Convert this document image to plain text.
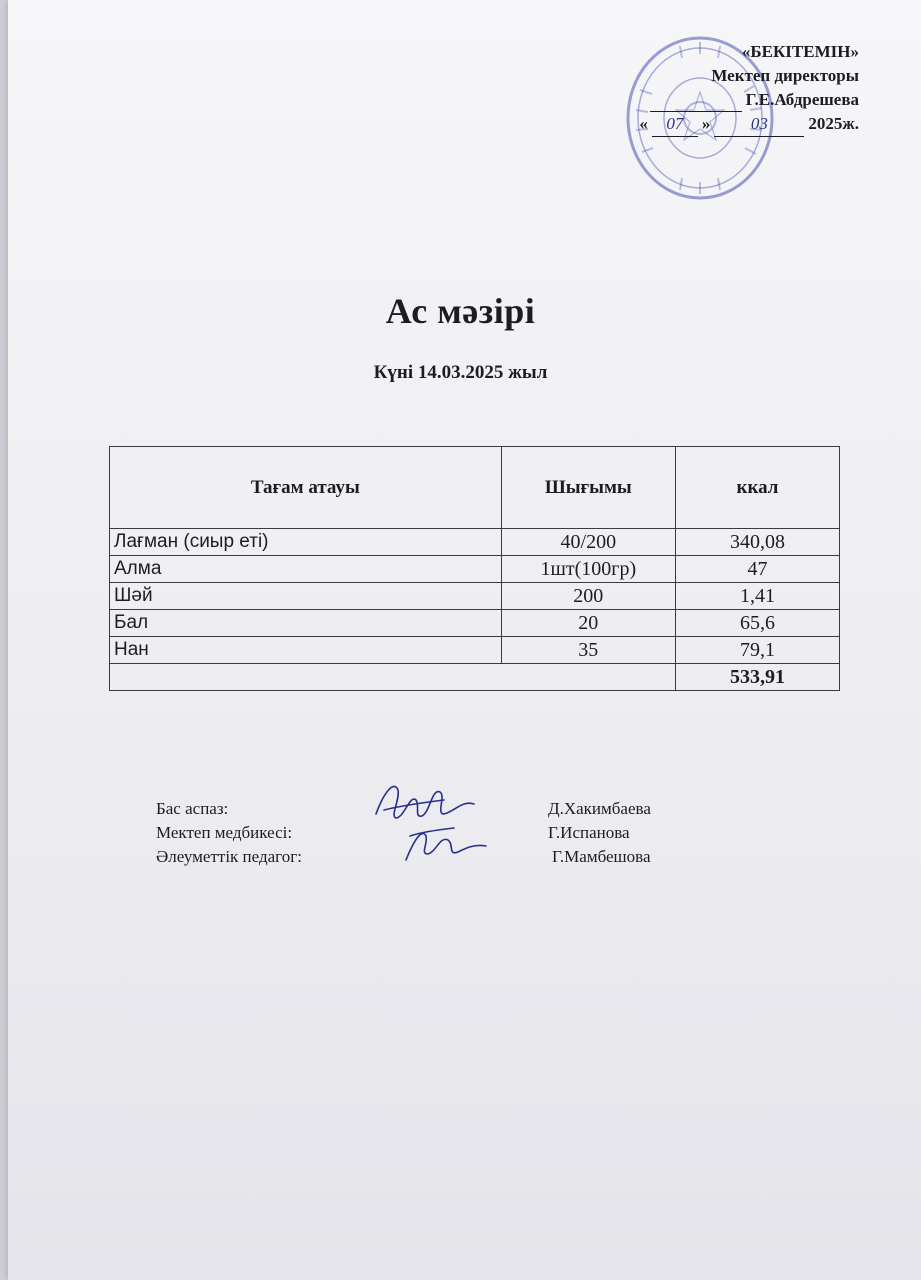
«БЕКІТЕМІН»
Мектеп директоры
Г.Е.Абдрешева
«	07	»	03	2025ж.
Ас мәзірі
Күні 14.03.2025 жыл
Тағам атауы	Шығымы	ккал
Лағман (сиыр еті)	40/200	340,08
Алма	1шт(100гр)	47
Шәй	200	1,41
Бал	20	65,6
Нан	35	79,1
		533,91
Бас аспаз:	Д.Хакимбаева
Мектеп медбикесі:	Г.Испанова
Әлеуметтік педагог:	Г.Мамбешова
